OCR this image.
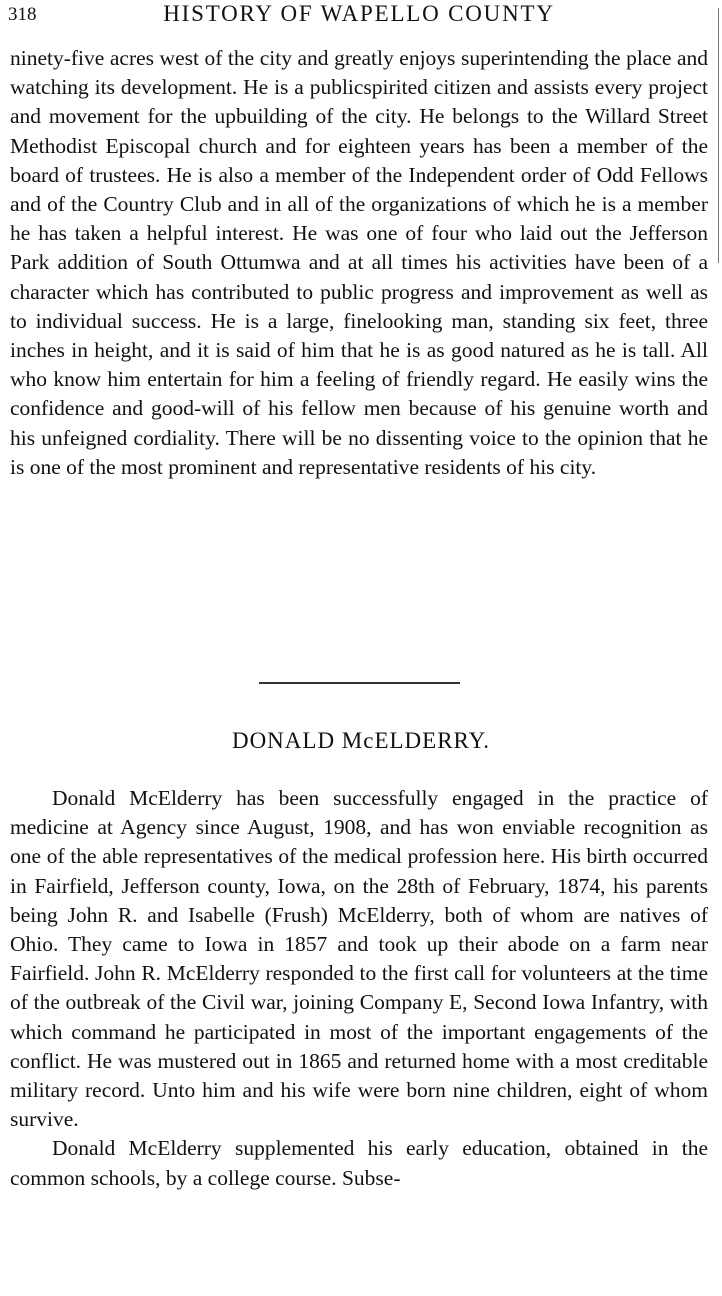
318	HISTORY OF WAPELLO COUNTY

ninety-five acres west of the city and greatly enjoys superintending the place and watching its development. He is a publicspirited citizen and assists every project and movement for the upbuilding of the city. He belongs to the Willard Street Methodist Episcopal church and for eighteen years has been a member of the board of trustees. He is also a member of the Independent order of Odd Fellows and of the Country Club and in all of the organizations of which he is a member he has taken a helpful interest. He was one of four who laid out the Jefferson Park addition of South Ottumwa and at all times his activities have been of a character which has contributed to public progress and improvement as well as to individual success. He is a large, finelooking man, standing six feet, three inches in height, and it is said of him that he is as good natured as he is tall. All who know him entertain for him a feeling of friendly regard. He easily wins the confidence and good-will of his fellow men because of his genuine worth and his unfeigned cordiality. There will be no dissenting voice to the opinion that he is one of the most prominent and representative residents of his city.

DONALD McELDERRY.

Donald McElderry has been successfully engaged in the practice of medicine at Agency since August, 1908, and has won enviable recognition as one of the able representatives of the medical profession here. His birth occurred in Fairfield, Jefferson county, Iowa, on the 28th of February, 1874, his parents being John R. and Isabelle (Frush) McElderry, both of whom are natives of Ohio. They came to Iowa in 1857 and took up their abode on a farm near Fairfield. John R. McElderry responded to the first call for volunteers at the time of the outbreak of the Civil war, joining Company E, Second Iowa Infantry, with which command he participated in most of the important engagements of the conflict. He was mustered out in 1865 and returned home with a most creditable military record. Unto him and his wife were born nine children, eight of whom survive.

Donald McElderry supplemented his early education, obtained in the common schools, by a college course. Subse-
